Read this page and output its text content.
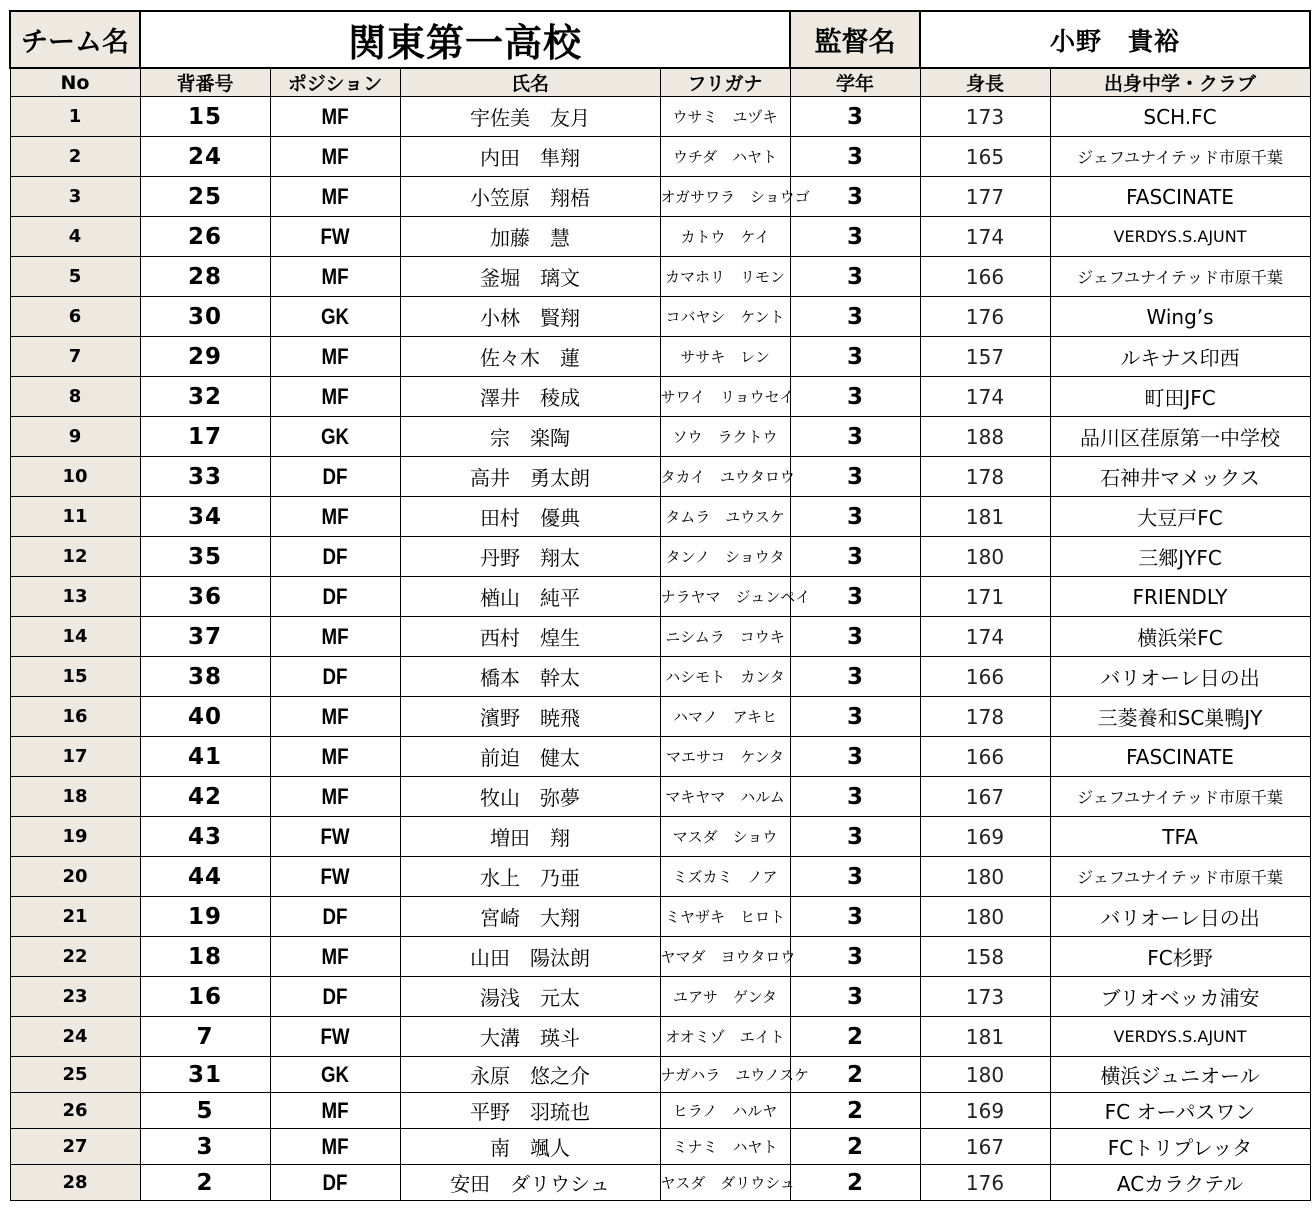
チーム名	関東第一高校				監督名	小野　貴裕	
No	背番号	ポジション	氏名	フリガナ	学年	身長	出身中学・クラブ
1	15	MF	宇佐美　友月	ウサミ　ユヅキ	3	173	SCH.FC
2	24	MF	内田　隼翔	ウチダ　ハヤト	3	165	ジェフユナイテッド市原千葉
3	25	MF	小笠原　翔梧	オガサワラ　ショウゴ	3	177	FASCINATE
4	26	FW	加藤　慧	カトウ　ケイ	3	174	VERDYS.S.AJUNT
5	28	MF	釜堀　璃文	カマホリ　リモン	3	166	ジェフユナイテッド市原千葉
6	30	GK	小林　賢翔	コバヤシ　ケント	3	176	Wing’s
7	29	MF	佐々木　蓮	ササキ　レン	3	157	ルキナス印西
8	32	MF	澤井　稜成	サワイ　リョウセイ	3	174	町田JFC
9	17	GK	宗　楽陶	ソウ　ラクトウ	3	188	品川区荏原第一中学校
10	33	DF	高井　勇太朗	タカイ　ユウタロウ	3	178	石神井マメックス
11	34	MF	田村　優典	タムラ　ユウスケ	3	181	大豆戸FC
12	35	DF	丹野　翔太	タンノ　ショウタ	3	180	三郷JYFC
13	36	DF	楢山　純平	ナラヤマ　ジュンペイ	3	171	FRIENDLY
14	37	MF	西村　煌生	ニシムラ　コウキ	3	174	横浜栄FC
15	38	DF	橋本　幹太	ハシモト　カンタ	3	166	バリオーレ日の出
16	40	MF	濱野　暁飛	ハマノ　アキヒ	3	178	三菱養和SC巣鴨JY
17	41	MF	前迫　健太	マエサコ　ケンタ	3	166	FASCINATE
18	42	MF	牧山　弥夢	マキヤマ　ハルム	3	167	ジェフユナイテッド市原千葉
19	43	FW	増田　翔	マスダ　ショウ	3	169	TFA
20	44	FW	水上　乃亜	ミズカミ　ノア	3	180	ジェフユナイテッド市原千葉
21	19	DF	宮崎　大翔	ミヤザキ　ヒロト	3	180	バリオーレ日の出
22	18	MF	山田　陽汰朗	ヤマダ　ヨウタロウ	3	158	FC杉野
23	16	DF	湯浅　元太	ユアサ　ゲンタ	3	173	ブリオベッカ浦安
24	7	FW	大溝　瑛斗	オオミゾ　エイト	2	181	VERDYS.S.AJUNT
25	31	GK	永原　悠之介	ナガハラ　ユウノスケ	2	180	横浜ジュニオール
26	5	MF	平野　羽琉也	ヒラノ　ハルヤ	2	169	FC オーパスワン
27	3	MF	南　颯人	ミナミ　ハヤト	2	167	FCトリプレッタ
28	2	DF	安田　ダリウシュ	ヤスダ　ダリウシュ	2	176	ACカラクテル
